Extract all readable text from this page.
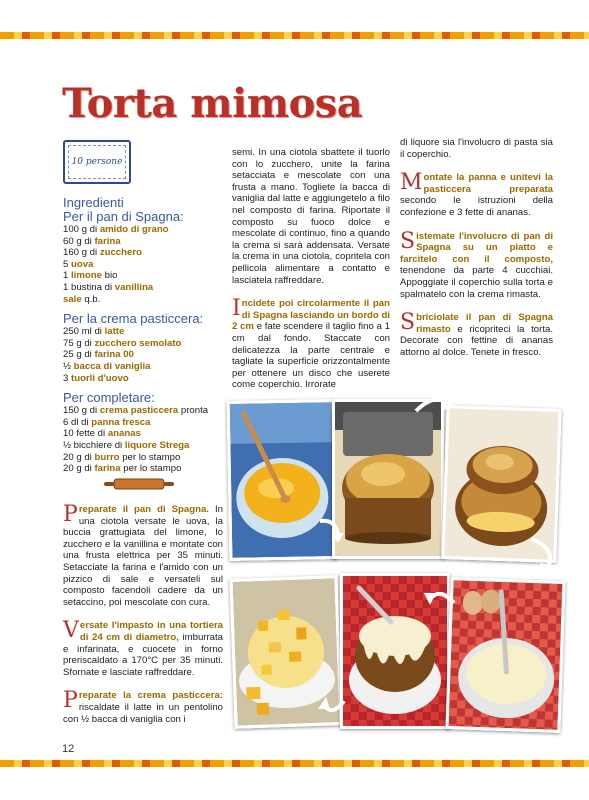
Torta mimosa
10 persone
Ingredienti
Per il pan di Spagna:
100 g di amido di grano
60 g di farina
160 g di zucchero
5 uova
1 limone bio
1 bustina di vanillina
sale q.b.
Per la crema pasticcera:
250 ml di latte
75 g di zucchero semolato
25 g di farina 00
½ bacca di vaniglia
3 tuorli d'uovo
Per completare:
150 g di crema pasticcera pronta
6 dl di panna fresca
10 fette di ananas
½ bicchiere di liquore Strega
20 g di burro per lo stampo
20 g di farina per lo stampo

Preparate il pan di Spagna. In una ciotola versate le uova, la buccia grattugiata del limone, lo zucchero e la vanillina e montate con una frusta elettrica per 35 minuti. Setacciate la farina e l'amido con un pizzico di sale e versateli sul composto facendoli cadere da un setaccino, poi mescolate con cura.

Versate l'impasto in una tortiera di 24 cm di diametro, imburrata e infarinata, e cuocete in forno preriscaldato a 170°C per 35 minuti. Sfornate e lasciate raffreddare.

Preparate la crema pasticcera: riscaldate il latte in un pentolino con ½ bacca di vaniglia con i

semi. In una ciotola sbattete il tuorlo con lo zucchero, unite la farina setacciata e mescolate con una frusta a mano. Togliete la bacca di vaniglia dal latte e aggiungetelo a filo nel composto di farina. Riportate il composto su fuoco dolce e mescolate di continuo, fino a quando la crema si sarà addensata. Versate la crema in una ciotola, copritela con pellicola alimentare a contatto e lasciatela raffreddare.

Incidete poi circolarmente il pan di Spagna lasciando un bordo di 2 cm e fate scendere il taglio fino a 1 cm dal fondo. Staccate con delicatezza la parte centrale e tagliate la superficie orizzontalmente per ottenere un disco che userete come coperchio. Irrorate

di liquore sia l'involucro di pasta sia il coperchio.

Montate la panna e unitevi la pasticcera preparata secondo le istruzioni della confezione e 3 fette di ananas.

Sistemate l'involucro di pan di Spagna su un piatto e farcitelo con il composto, tenendone da parte 4 cucchiai. Appoggiate il coperchio sulla torta e spalmatelo con la crema rimasta.

Sbriciolate il pan di Spagna rimasto e ricopriteci la torta. Decorate con fettine di ananas attorno al dolce. Tenete in fresco.

12
